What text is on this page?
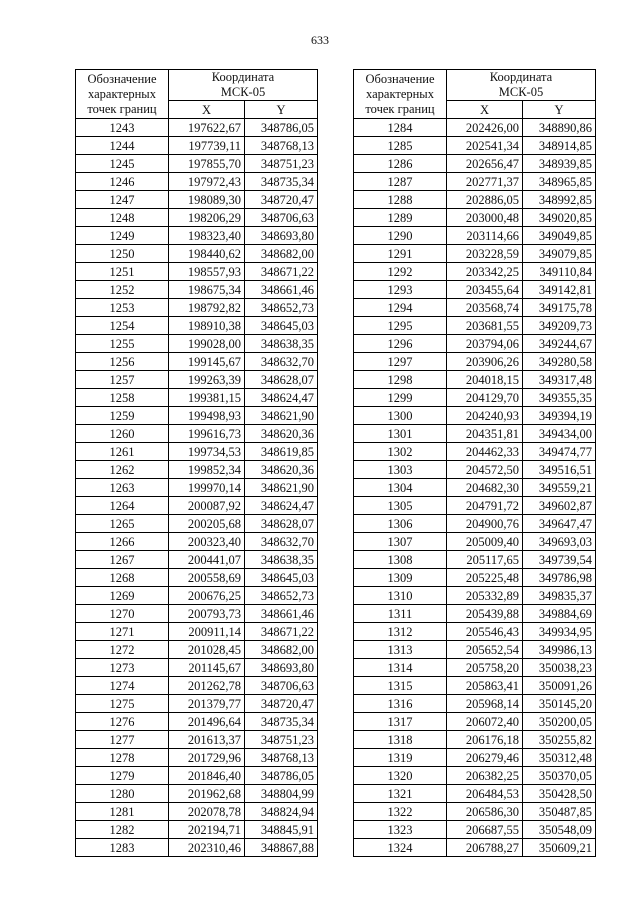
633
Обозначение
характерных
точек границ	Координата
МСК-05	

	X	Y
1243	197622,67	348786,05
1244	197739,11	348768,13
1245	197855,70	348751,23
1246	197972,43	348735,34
1247	198089,30	348720,47
1248	198206,29	348706,63
1249	198323,40	348693,80
1250	198440,62	348682,00
1251	198557,93	348671,22
1252	198675,34	348661,46
1253	198792,82	348652,73
1254	198910,38	348645,03
1255	199028,00	348638,35
1256	199145,67	348632,70
1257	199263,39	348628,07
1258	199381,15	348624,47
1259	199498,93	348621,90
1260	199616,73	348620,36
1261	199734,53	348619,85
1262	199852,34	348620,36
1263	199970,14	348621,90
1264	200087,92	348624,47
1265	200205,68	348628,07
1266	200323,40	348632,70
1267	200441,07	348638,35
1268	200558,69	348645,03
1269	200676,25	348652,73
1270	200793,73	348661,46
1271	200911,14	348671,22
1272	201028,45	348682,00
1273	201145,67	348693,80
1274	201262,78	348706,63
1275	201379,77	348720,47
1276	201496,64	348735,34
1277	201613,37	348751,23
1278	201729,96	348768,13
1279	201846,40	348786,05
1280	201962,68	348804,99
1281	202078,78	348824,94
1282	202194,71	348845,91
1283	202310,46	348867,88
Обозначение
характерных
точек границ	Координата
МСК-05	

	X	Y
1284	202426,00	348890,86
1285	202541,34	348914,85
1286	202656,47	348939,85
1287	202771,37	348965,85
1288	202886,05	348992,85
1289	203000,48	349020,85
1290	203114,66	349049,85
1291	203228,59	349079,85
1292	203342,25	349110,84
1293	203455,64	349142,81
1294	203568,74	349175,78
1295	203681,55	349209,73
1296	203794,06	349244,67
1297	203906,26	349280,58
1298	204018,15	349317,48
1299	204129,70	349355,35
1300	204240,93	349394,19
1301	204351,81	349434,00
1302	204462,33	349474,77
1303	204572,50	349516,51
1304	204682,30	349559,21
1305	204791,72	349602,87
1306	204900,76	349647,47
1307	205009,40	349693,03
1308	205117,65	349739,54
1309	205225,48	349786,98
1310	205332,89	349835,37
1311	205439,88	349884,69
1312	205546,43	349934,95
1313	205652,54	349986,13
1314	205758,20	350038,23
1315	205863,41	350091,26
1316	205968,14	350145,20
1317	206072,40	350200,05
1318	206176,18	350255,82
1319	206279,46	350312,48
1320	206382,25	350370,05
1321	206484,53	350428,50
1322	206586,30	350487,85
1323	206687,55	350548,09
1324	206788,27	350609,21
